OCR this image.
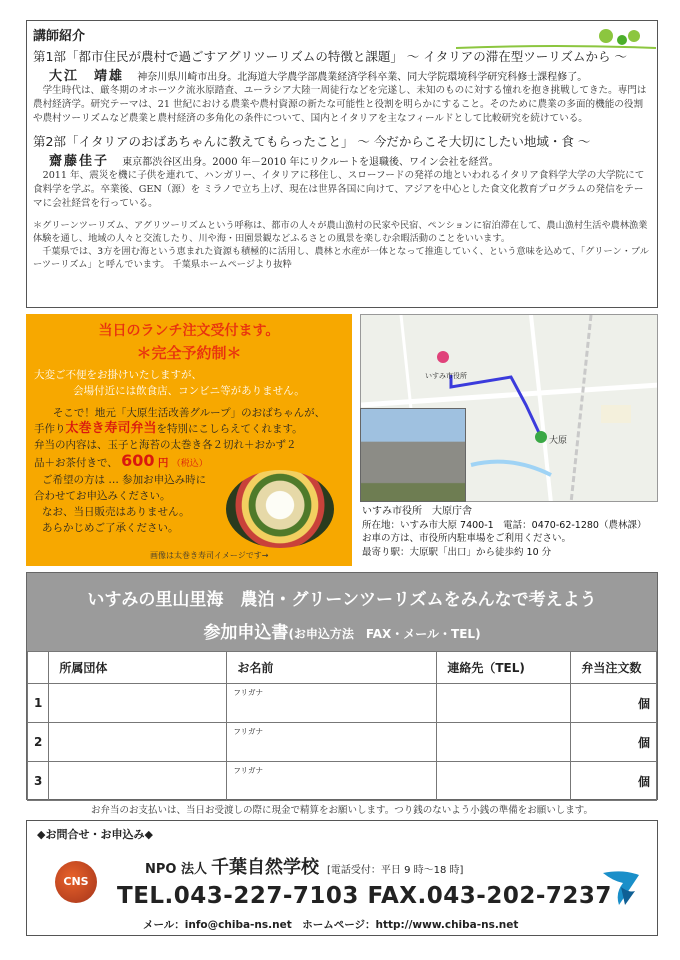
講師紹介
第1部「都市住民が農村で過ごすアグリツーリズムの特徴と課題」 ～ イタリアの滞在型ツーリズムから ～
大江　靖雄 神奈川県川崎市出身。北海道大学農学部農業経済学科卒業、同大学院環境科学研究科修士課程修了。

学生時代は、厳冬期のオホーツク流氷原踏査、ユーラシア大陸一周徒行などを完遂し、未知のものに対する憧れを抱き挑戦してきた。専門は農村経済学。研究テーマは、21 世紀における農業や農村資源の新たな可能性と役割を明らかにすること。そのために農業の多面的機能の役割や農村ツーリズムなど農業と農村経済の多角化の条件について、国内とイタリアを主なフィールドとして比較研究を続けている。

第2部「イタリアのおばあちゃんに教えてもらったこと」 ～ 今だからこそ大切にしたい地域・食 ～
齋藤佳子 東京都渋谷区出身。2000 年－2010 年にリクルートを退職後、ワイン会社を経営。

2011 年、震災を機に子供を連れて、ハンガリー、イタリアに移住し、スローフードの発祥の地といわれるイタリア食料学大学の大学院にて食料学を学ぶ。卒業後、GEN（源）を ミラノで立ち上げ、現在は世界各国に向けて、アジアを中心とした食文化教育プログラムの発信をテーマに会社経営を行っている。

＊グリーンツーリズム、アグリツーリズムという呼称は、都市の人々が農山漁村の民家や民宿、ペンションに宿泊滞在して、農山漁村生活や農林漁業体験を通し、地域の人々と交流したり、川や海・田園景観などふるさとの風景を楽しむ余暇活動のことをいいます。

千葉県では、3方を囲む海という恵まれた資源も積極的に活用し、農林と水産が一体となって推進していく、という意味を込めて、「グリーン・ブルーツーリズム」と呼んでいます。 千葉県ホームページより抜粋

当日のランチ注文受付ます。
＊完全予約制＊

大変ご不便をお掛けいたしますが、

会場付近には飲食店、コンビニ等がありません。

そこで！地元「大原生活改善グループ」のおばちゃんが、

手作り太巻き寿司弁当を特別にこしらえてくれます。

弁当の内容は、玉子と海苔の太巻き各２切れ＋おかず２

品＋お茶付きで、 600 円 （税込）

ご希望の方は … 参加お申込み時に

合わせてお申込みください。

なお、当日販売はありません。

あらかじめご了承ください。

画像は太巻き寿司イメージです→
大原
いすみ市役所
いすみ市役所　大原庁舎
所在地：いすみ市大原 7400-1　電話：0470-62-1280（農林課）
お車の方は、市役所内駐車場をご利用ください。
最寄り駅：大原駅「出口」から徒歩約 10 分
いすみの里山里海　農泊・グリーンツーリズムをみんなで考えよう
参加申込書(お申込方法　FAX・メール・TEL)
	所属団体	お名前	連絡先（TEL)	弁当注文数
1		フリガナ		個
2		フリガナ		個
3		フリガナ		個
お弁当のお支払いは、当日お受渡しの際に現金で精算をお願いします。つり銭のないよう小銭の準備をお願いします。
◆お問合せ・お申込み◆
CNS
NPO 法人 千葉自然学校 [電話受付：平日 9 時～18 時]
TEL.043-227-7103 FAX.043-202-7237
メール：info@chiba-ns.net　ホームページ：http://www.chiba-ns.net
